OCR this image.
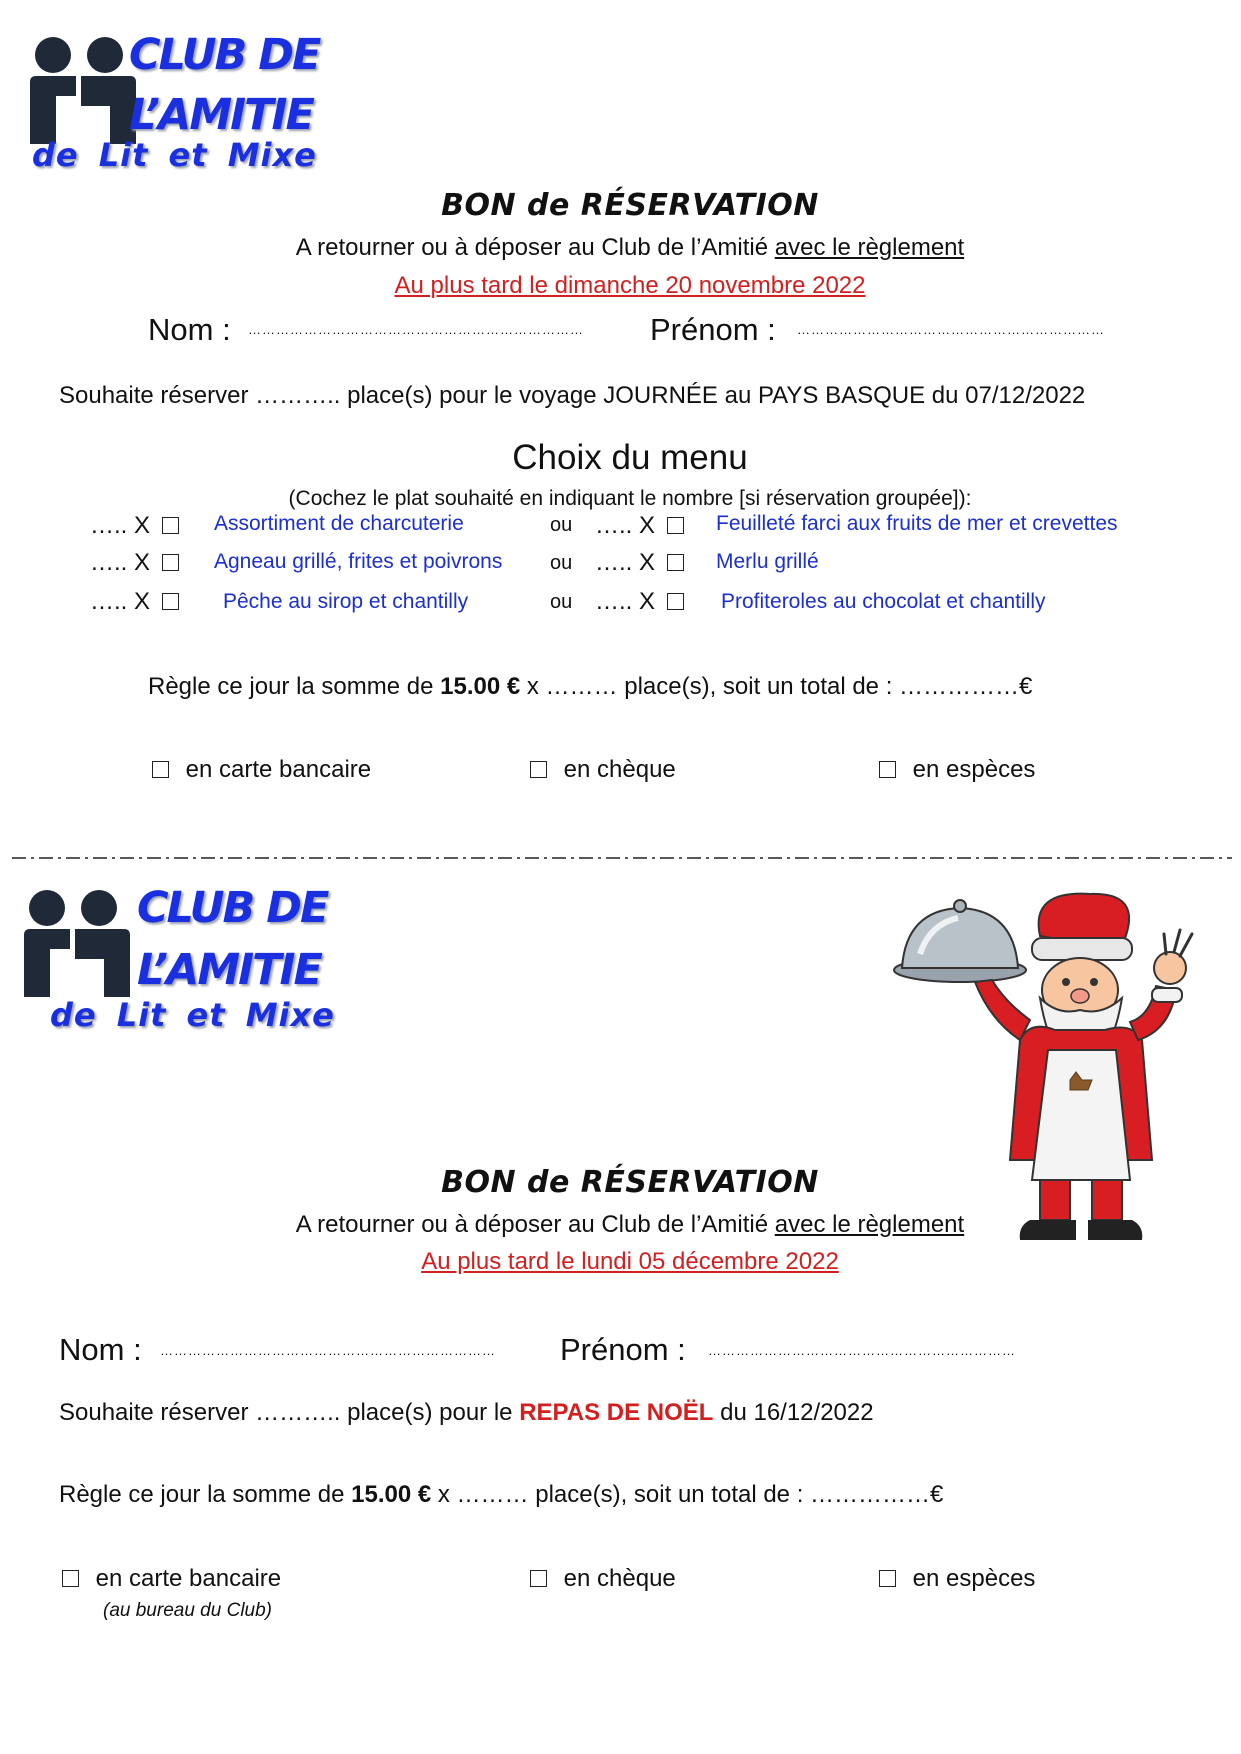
CLUB DE
L’AMITIE
de Lit et Mixe
BON de RÉSERVATION
A retourner ou à déposer au Club de l’Amitié avec le règlement
Au plus tard le dimanche 20 novembre 2022
Nom : ………………………………………………………………	Prénom : …………………………………………………………
Souhaite réserver ……….. place(s) pour le voyage JOURNÉE au PAYS BASQUE du 07/12/2022
Choix du menu
(Cochez le plat souhaité en indiquant le nombre [si réservation groupée]):
….. X	Assortiment de charcuterie	ou ….. X	Feuilleté farci aux fruits de mer et crevettes
….. X	Agneau grillé, frites et poivrons ou ….. X	Merlu grillé
….. X	Pêche au sirop et chantilly	ou ….. X	Profiteroles au chocolat et chantilly
Règle ce jour la somme de 15.00 € x ……… place(s), soit un total de : ……………€
en carte bancaire	en chèque	en espèces
CLUB DE
L’AMITIE
de Lit et Mixe
BON de RÉSERVATION
A retourner ou à déposer au Club de l’Amitié avec le règlement
Au plus tard le lundi 05 décembre 2022
Nom : ………………………………………………………………	Prénom : …………………………………………………………
Souhaite réserver ……….. place(s) pour le REPAS DE NOËL du 16/12/2022
Règle ce jour la somme de 15.00 € x ……… place(s), soit un total de : ……………€
en carte bancaire
(au bureau du Club)
en chèque	en espèces
